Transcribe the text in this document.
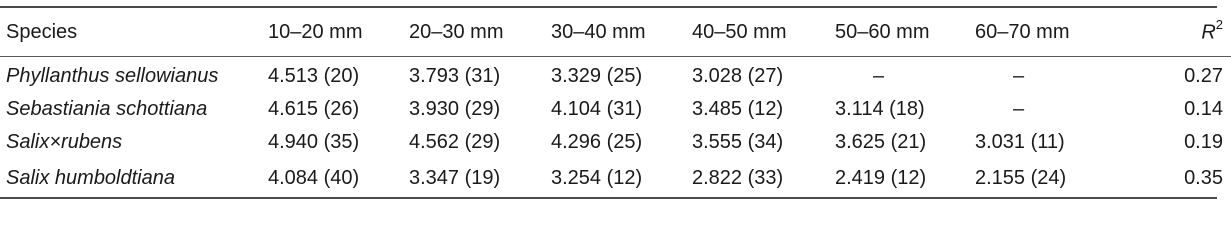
Species	10–20 mm	20–30 mm	30–40 mm	40–50 mm	50–60 mm	60–70 mm	$R^2$

Phyllanthus sellowianus	4.513 (20)	3.793 (31)	3.329 (25)	3.028 (27)	–	–	0.27
Sebastiania schottiana	4.615 (26)	3.930 (29)	4.104 (31)	3.485 (12)	3.114 (18)	–	0.14
Salix×rubens	4.940 (35)	4.562 (29)	4.296 (25)	3.555 (34)	3.625 (21)	3.031 (11)	0.19
Salix humboldtiana	4.084 (40)	3.347 (19)	3.254 (12)	2.822 (33)	2.419 (12)	2.155 (24)	0.35
